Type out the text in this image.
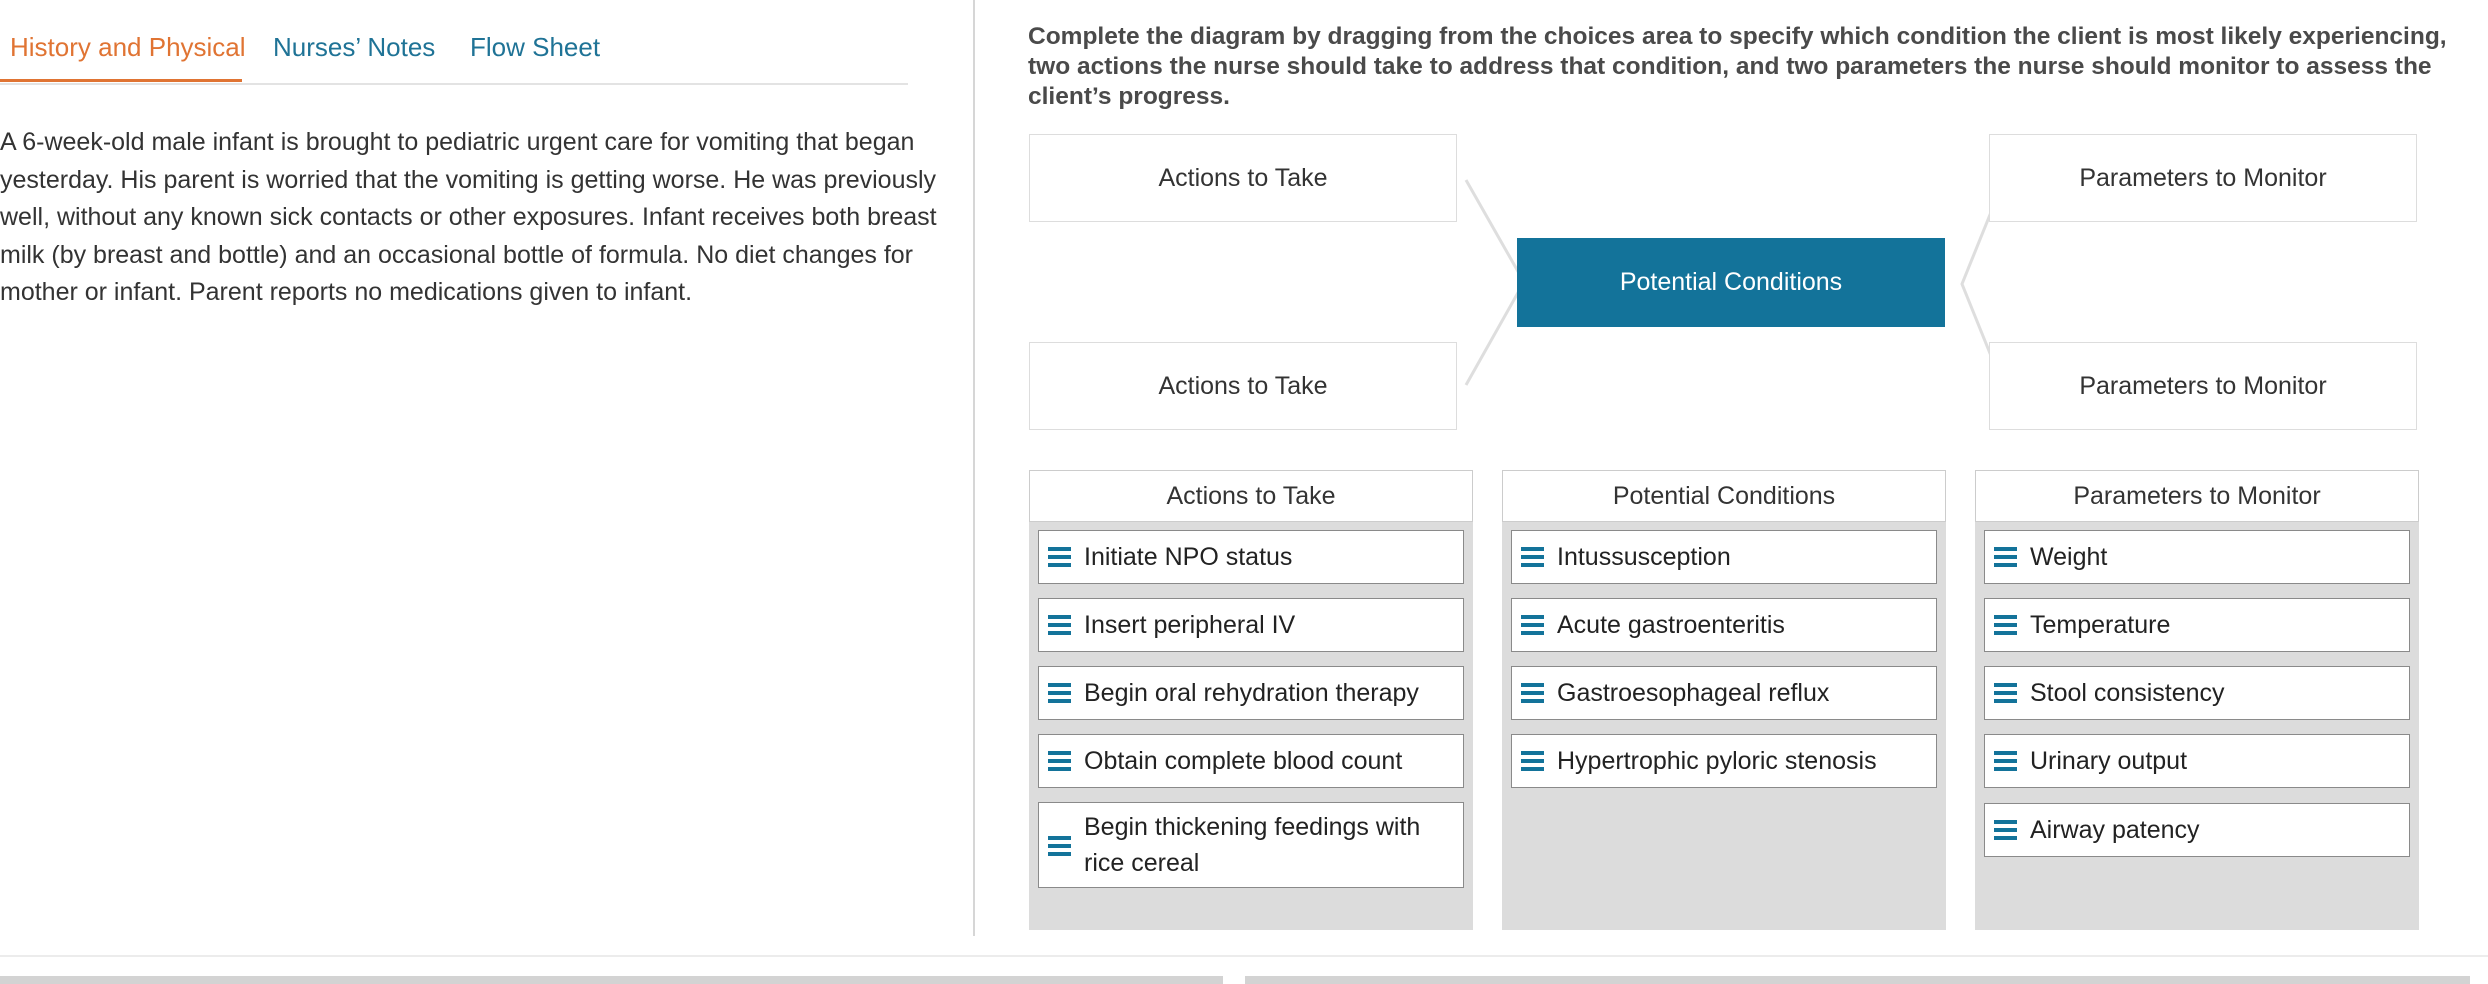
History and Physical Nurses’ Notes Flow Sheet

A 6-week-old male infant is brought to pediatric urgent care for vomiting that began yesterday. His parent is worried that the vomiting is getting worse. He was previously well, without any known sick contacts or other exposures. Infant receives both breast milk (by breast and bottle) and an occasional bottle of formula. No diet changes for mother or infant. Parent reports no medications given to infant.

Complete the diagram by dragging from the choices area to specify which condition the client is most likely experiencing, two actions the nurse should take to address that condition, and two parameters the nurse should monitor to assess the client’s progress.

Actions to Take
Actions to Take
Potential Conditions
Parameters to Monitor
Parameters to Monitor
Actions to Take
Initiate NPO status
Insert peripheral IV
Begin oral rehydration therapy
Obtain complete blood count
Begin thickening feedings with rice cereal
Potential Conditions
Intussusception
Acute gastroenteritis
Gastroesophageal reflux
Hypertrophic pyloric stenosis
Parameters to Monitor
Weight
Temperature
Stool consistency
Urinary output
Airway patency
